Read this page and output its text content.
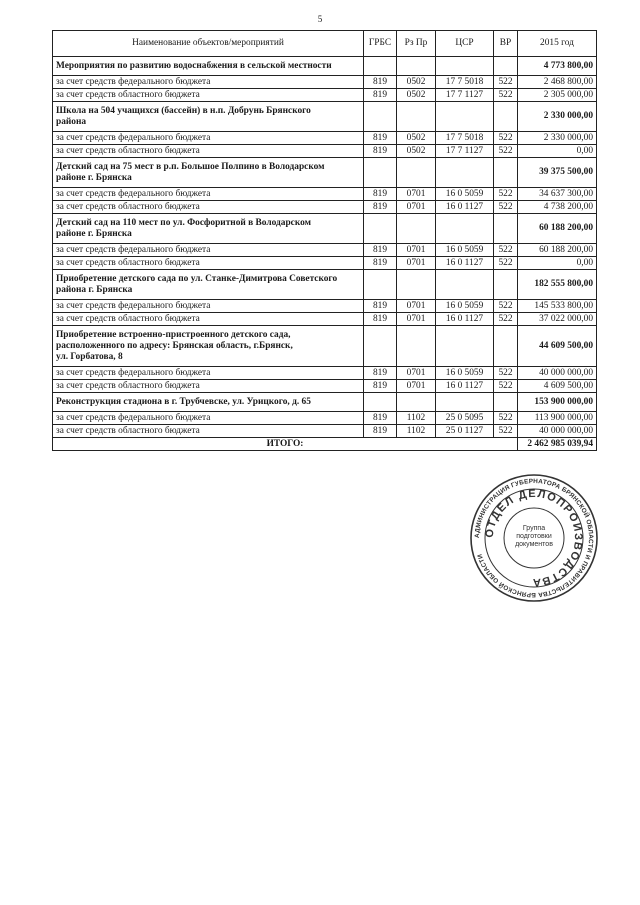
5
Наименование объектов/мероприятий	ГРБС	Рз Пр	ЦСР	ВР	2015 год
Мероприятия по развитию водоснабжения в сельской местности					4 773 800,00
за счет средств федерального бюджета	819	0502	17 7 5018	522	2 468 800,00
за счет средств областного бюджета	819	0502	17 7 1127	522	2 305 000,00
Школа на 504 учащихся (бассейн) в н.п. Добрунь Брянского
района					2 330 000,00
за счет средств федерального бюджета	819	0502	17 7 5018	522	2 330 000,00
за счет средств областного бюджета	819	0502	17 7 1127	522	0,00
Детский сад на 75 мест в р.п. Большое Полпино в Володарском
районе г. Брянска					39 375 500,00
за счет средств федерального бюджета	819	0701	16 0 5059	522	34 637 300,00
за счет средств областного бюджета	819	0701	16 0 1127	522	4 738 200,00
Детский сад на 110 мест по ул. Фосфоритной в Володарском
районе г. Брянска					60 188 200,00
за счет средств федерального бюджета	819	0701	16 0 5059	522	60 188 200,00
за счет средств областного бюджета	819	0701	16 0 1127	522	0,00
Приобретение детского сада по ул. Станке-Димитрова Советского
района г. Брянска					182 555 800,00
за счет средств федерального бюджета	819	0701	16 0 5059	522	145 533 800,00
за счет средств областного бюджета	819	0701	16 0 1127	522	37 022 000,00
Приобретение встроенно-пристроенного детского сада,
расположенного по адресу: Брянская область, г.Брянск,
ул. Горбатова, 8					44 609 500,00
за счет средств федерального бюджета	819	0701	16 0 5059	522	40 000 000,00
за счет средств областного бюджета	819	0701	16 0 1127	522	4 609 500,00
Реконструкция стадиона в г. Трубчевске, ул. Урицкого, д. 65					153 900 000,00
за счет средств федерального бюджета	819	1102	25 0 5095	522	113 900 000,00
за счет средств областного бюджета	819	1102	25 0 1127	522	40 000 000,00
ИТОГО:					2 462 985 039,94
АДМИНИСТРАЦИЯ ГУБЕРНАТОРА БРЯНСКОЙ ОБЛАСТИ И ПРАВИТЕЛЬСТВА БРЯНСКОЙ ОБЛАСТИ
ОТДЕЛ ДЕЛОПРОИЗВОДСТВА
Группа
подготовки
документов
